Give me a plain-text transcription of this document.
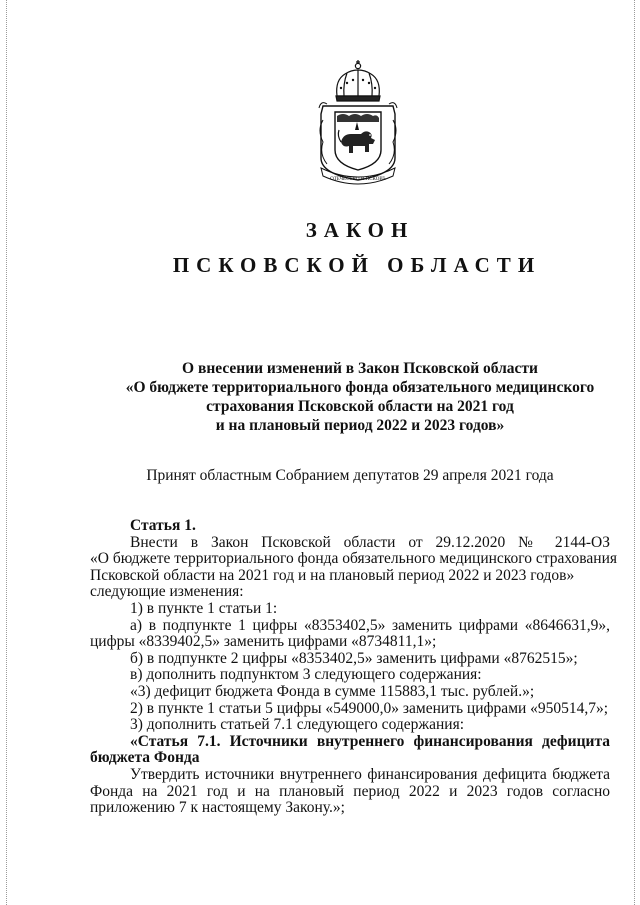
ОТЕЧЕСТВО И ПСКОВЪ
ЗАКОН
ПСКОВСКОЙ ОБЛАСТИ
О внесении изменений в Закон Псковской области
«О бюджете территориального фонда обязательного медицинского
страхования Псковской области на 2021 год
и на плановый период 2022 и 2023 годов»
Принят областным Собранием депутатов 29 апреля 2021 года
Статья 1.
Внести в Закон Псковской области от 29.12.2020 № 2144-ОЗ
«О бюджете территориального фонда обязательного медицинского страхования
Псковской области на 2021 год и на плановый период 2022 и 2023 годов»
следующие изменения:
1) в пункте 1 статьи 1:
а) в подпункте 1 цифры «8353402,5» заменить цифрами «8646631,9»,
цифры «8339402,5» заменить цифрами «8734811,1»;
б) в подпункте 2 цифры «8353402,5» заменить цифрами «8762515»;
в) дополнить подпунктом 3 следующего содержания:
«3) дефицит бюджета Фонда в сумме 115883,1 тыс. рублей.»;
2) в пункте 1 статьи 5 цифры «549000,0» заменить цифрами «950514,7»;
3) дополнить статьей 7.1 следующего содержания:
«Статья 7.1. Источники внутреннего финансирования дефицита
бюджета Фонда
Утвердить источники внутреннего финансирования дефицита бюджета
Фонда на 2021 год и на плановый период 2022 и 2023 годов согласно
приложению 7 к настоящему Закону.»;
